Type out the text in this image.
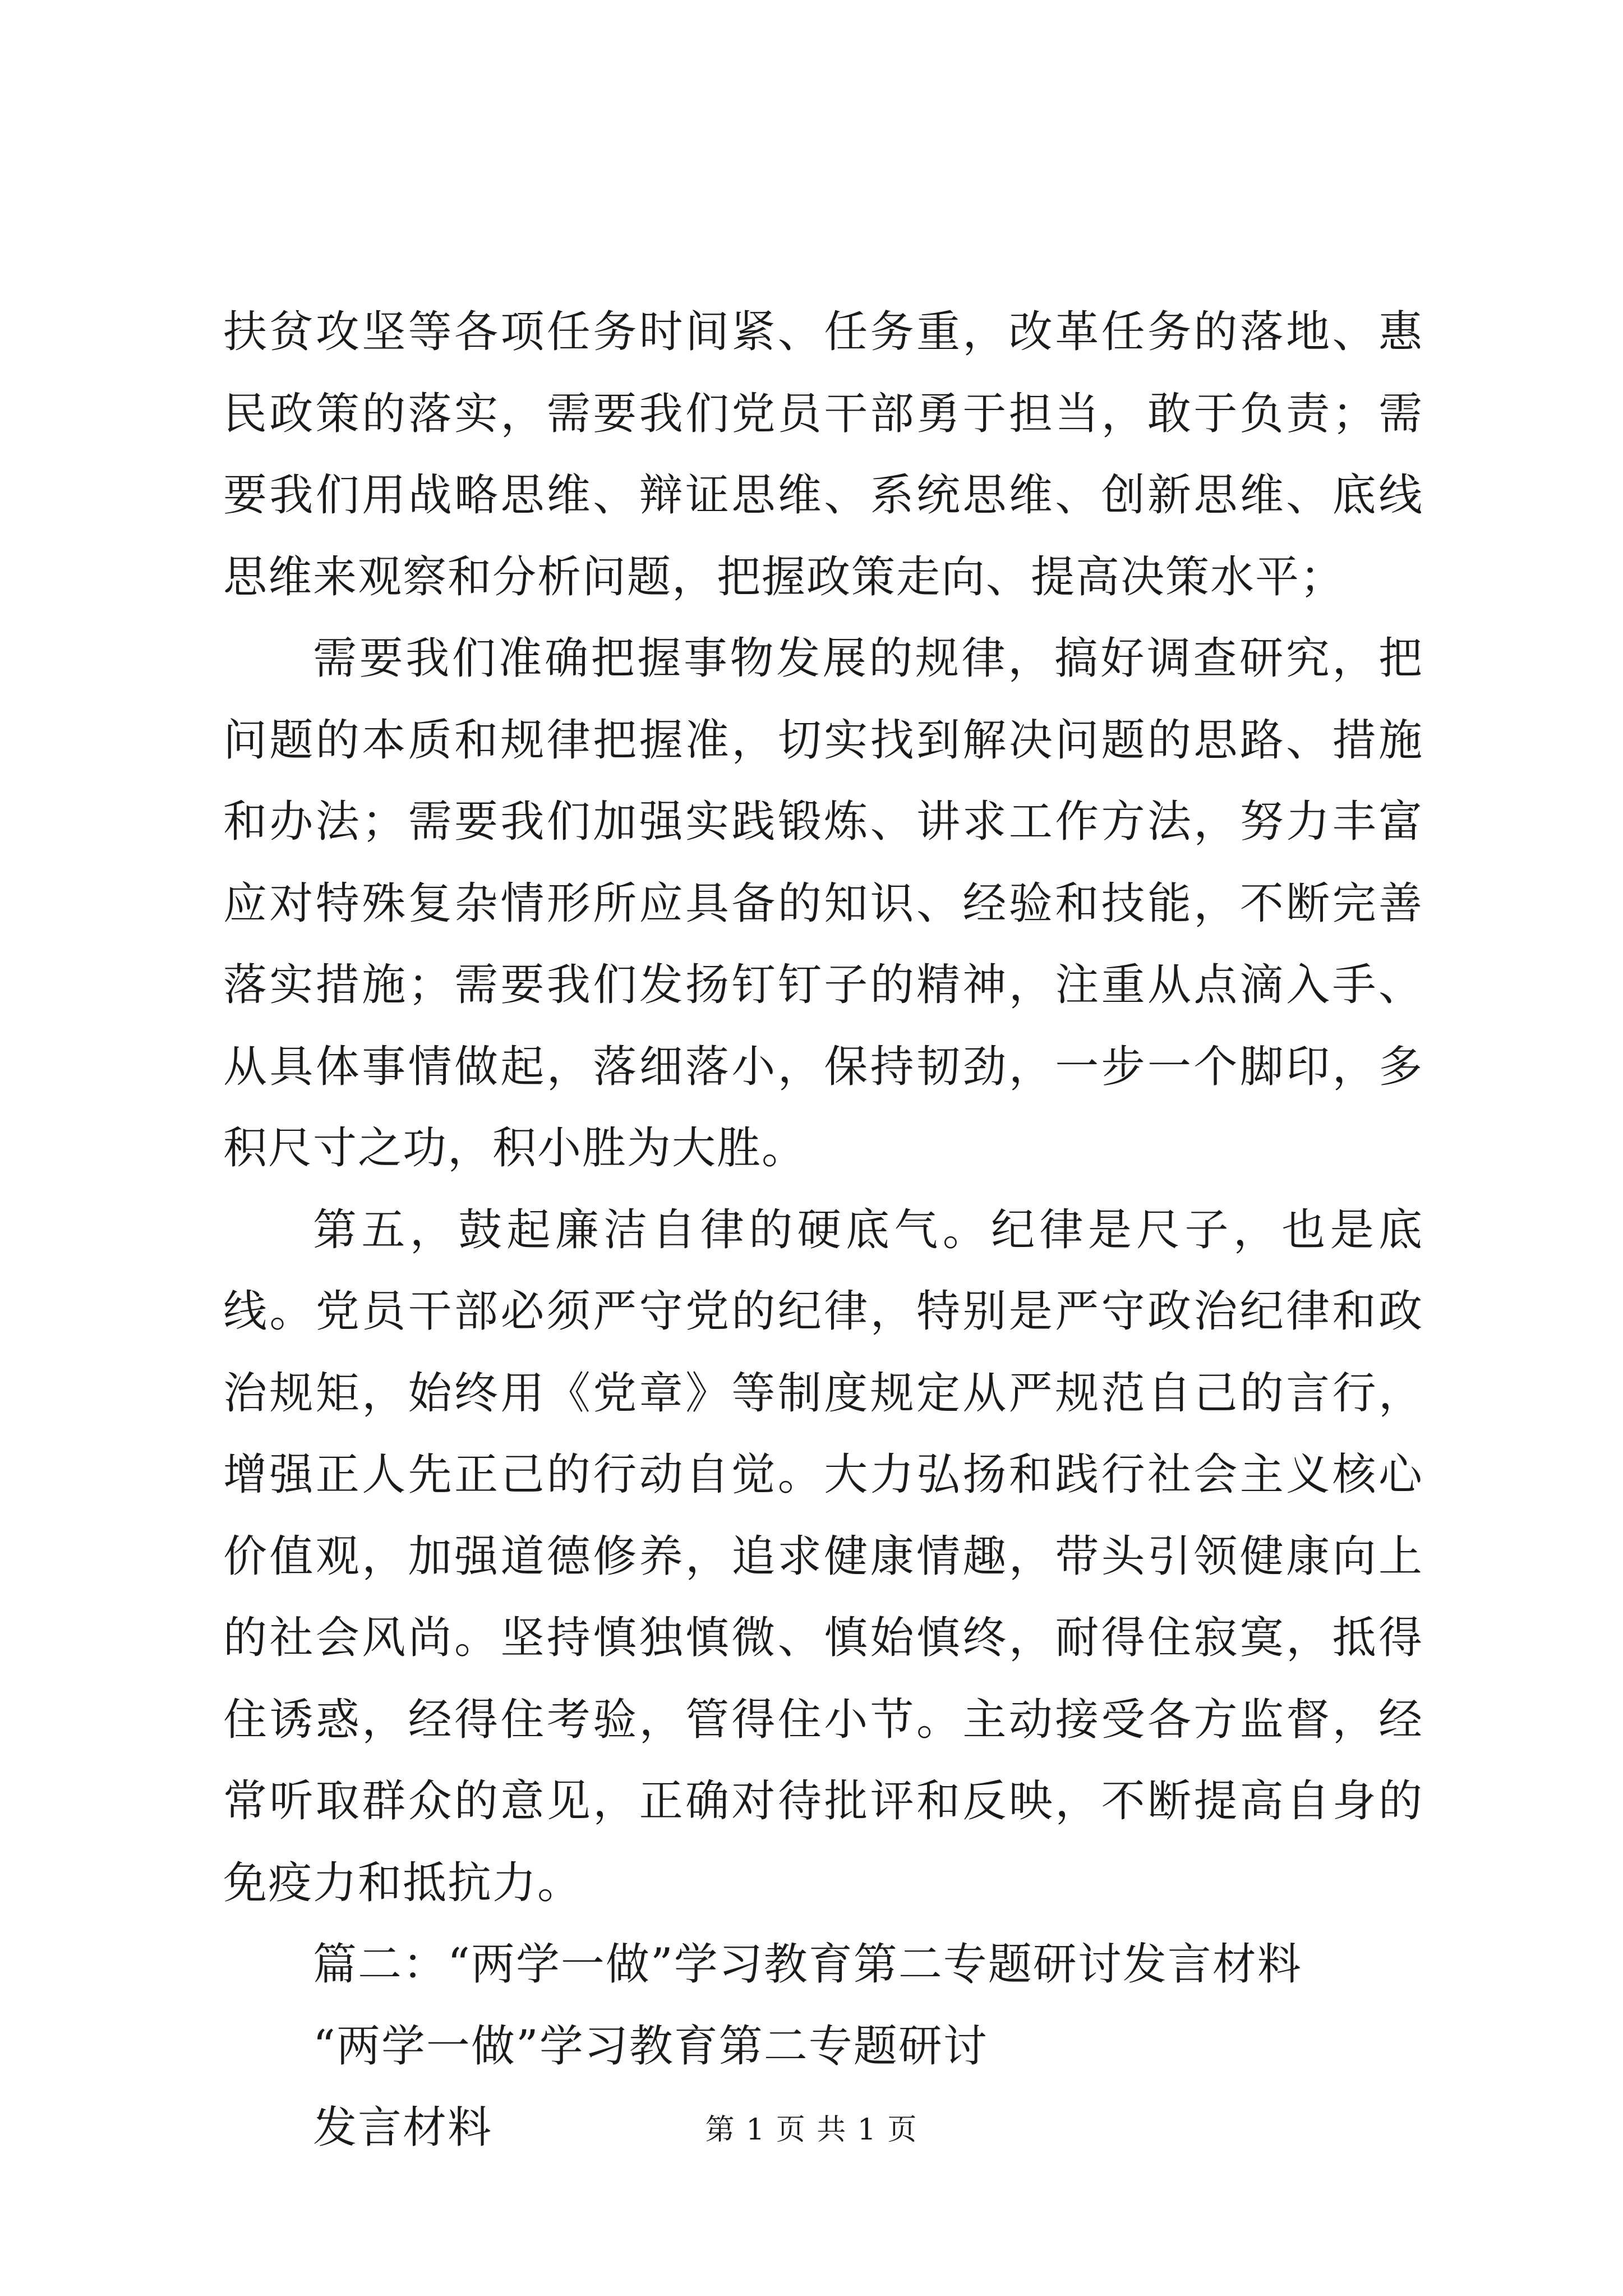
扶贫攻坚等各项任务时间紧、任务重，改革任务的落地、惠民政策的落实，需要我们党员干部勇于担当，敢于负责；需要我们用战略思维、辩证思维、系统思维、创新思维、底线思维来观察和分析问题，把握政策走向、提高决策水平；

需要我们准确把握事物发展的规律，搞好调查研究，把问题的本质和规律把握准，切实找到解决问题的思路、措施和办法；需要我们加强实践锻炼、讲求工作方法，努力丰富应对特殊复杂情形所应具备的知识、经验和技能，不断完善落实措施；需要我们发扬钉钉子的精神，注重从点滴入手、从具体事情做起，落细落小，保持韧劲，一步一个脚印，多积尺寸之功，积小胜为大胜。

第五，鼓起廉洁自律的硬底气。纪律是尺子，也是底线。党员干部必须严守党的纪律，特别是严守政治纪律和政治规矩，始终用《党章》等制度规定从严规范自己的言行，增强正人先正己的行动自觉。大力弘扬和践行社会主义核心价值观，加强道德修养，追求健康情趣，带头引领健康向上的社会风尚。坚持慎独慎微、慎始慎终，耐得住寂寞，抵得住诱惑，经得住考验，管得住小节。主动接受各方监督，经常听取群众的意见，正确对待批评和反映，不断提高自身的免疫力和抵抗力。

篇二：“两学一做”学习教育第二专题研讨发言材料

“两学一做”学习教育第二专题研讨

发言材料	第 1 页 共 1 页
